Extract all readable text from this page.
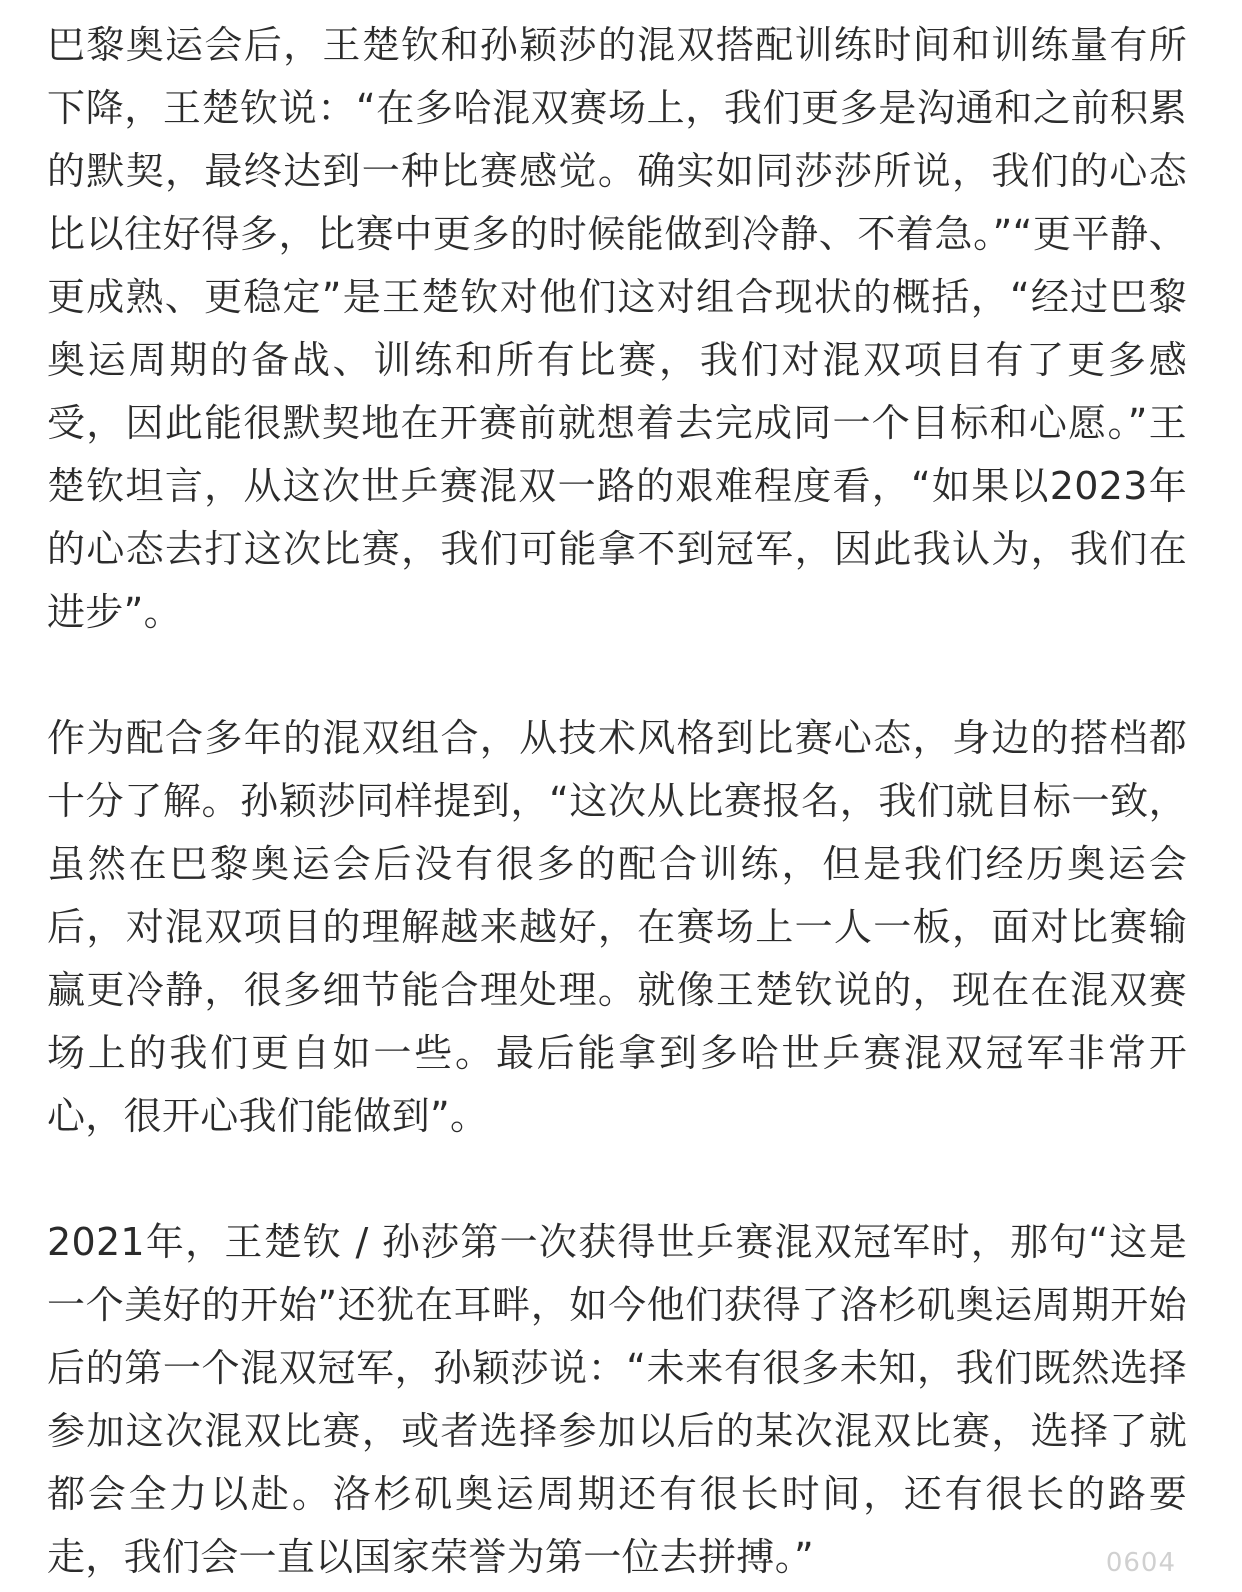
巴黎奥运会后，王楚钦和孙颖莎的混双搭配训练时间和训练量有所下降，王楚钦说：“在多哈混双赛场上，我们更多是沟通和之前积累的默契，最终达到一种比赛感觉。确实如同莎莎所说，我们的心态比以往好得多，比赛中更多的时候能做到冷静、不着急。”“更平静、更成熟、更稳定”是王楚钦对他们这对组合现状的概括，“经过巴黎奥运周期的备战、训练和所有比赛，我们对混双项目有了更多感受，因此能很默契地在开赛前就想着去完成同一个目标和心愿。”王楚钦坦言，从这次世乒赛混双一路的艰难程度看，“如果以2023年的心态去打这次比赛，我们可能拿不到冠军，因此我认为，我们在进步”。

作为配合多年的混双组合，从技术风格到比赛心态，身边的搭档都十分了解。孙颖莎同样提到，“这次从比赛报名，我们就目标一致，虽然在巴黎奥运会后没有很多的配合训练，但是我们经历奥运会后，对混双项目的理解越来越好，在赛场上一人一板，面对比赛输赢更冷静，很多细节能合理处理。就像王楚钦说的，现在在混双赛场上的我们更自如一些。最后能拿到多哈世乒赛混双冠军非常开心，很开心我们能做到”。

2021年，王楚钦 / 孙莎第一次获得世乒赛混双冠军时，那句“这是一个美好的开始”还犹在耳畔，如今他们获得了洛杉矶奥运周期开始后的第一个混双冠军，孙颖莎说：“未来有很多未知，我们既然选择参加这次混双比赛，或者选择参加以后的某次混双比赛，选择了就都会全力以赴。洛杉矶奥运周期还有很长时间，还有很长的路要走，我们会一直以国家荣誉为第一位去拼搏。”	0604
